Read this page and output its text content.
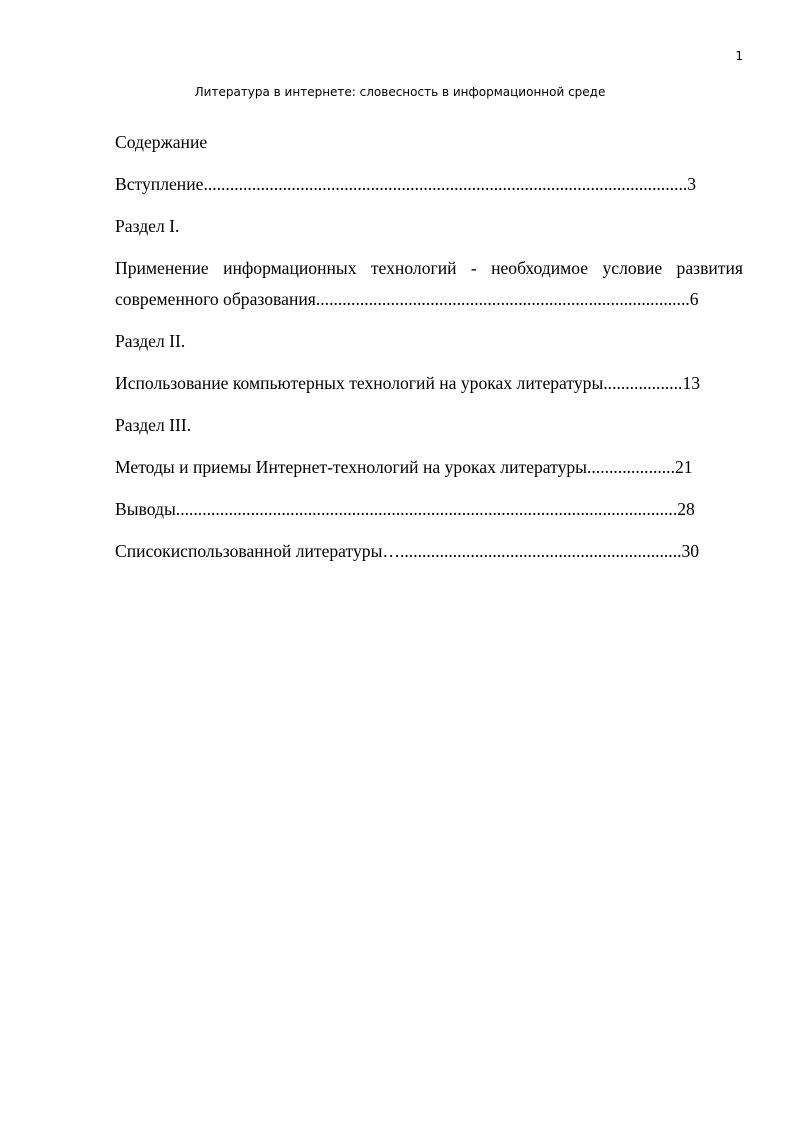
1
Литература в интернете: словесность в информационной среде

Содержание

Вступление..............................................................................................................3

Раздел I.

Применение информационных технологий - необходимое условие развития современного образования.....................................................................................6

Раздел II.

Использование компьютерных технологий на уроках литературы..................13

Раздел III.

Методы и приемы Интернет-технологий на уроках литературы....................21

Выводы..................................................................................................................28

Списокиспользованной литературы…................................................................30
